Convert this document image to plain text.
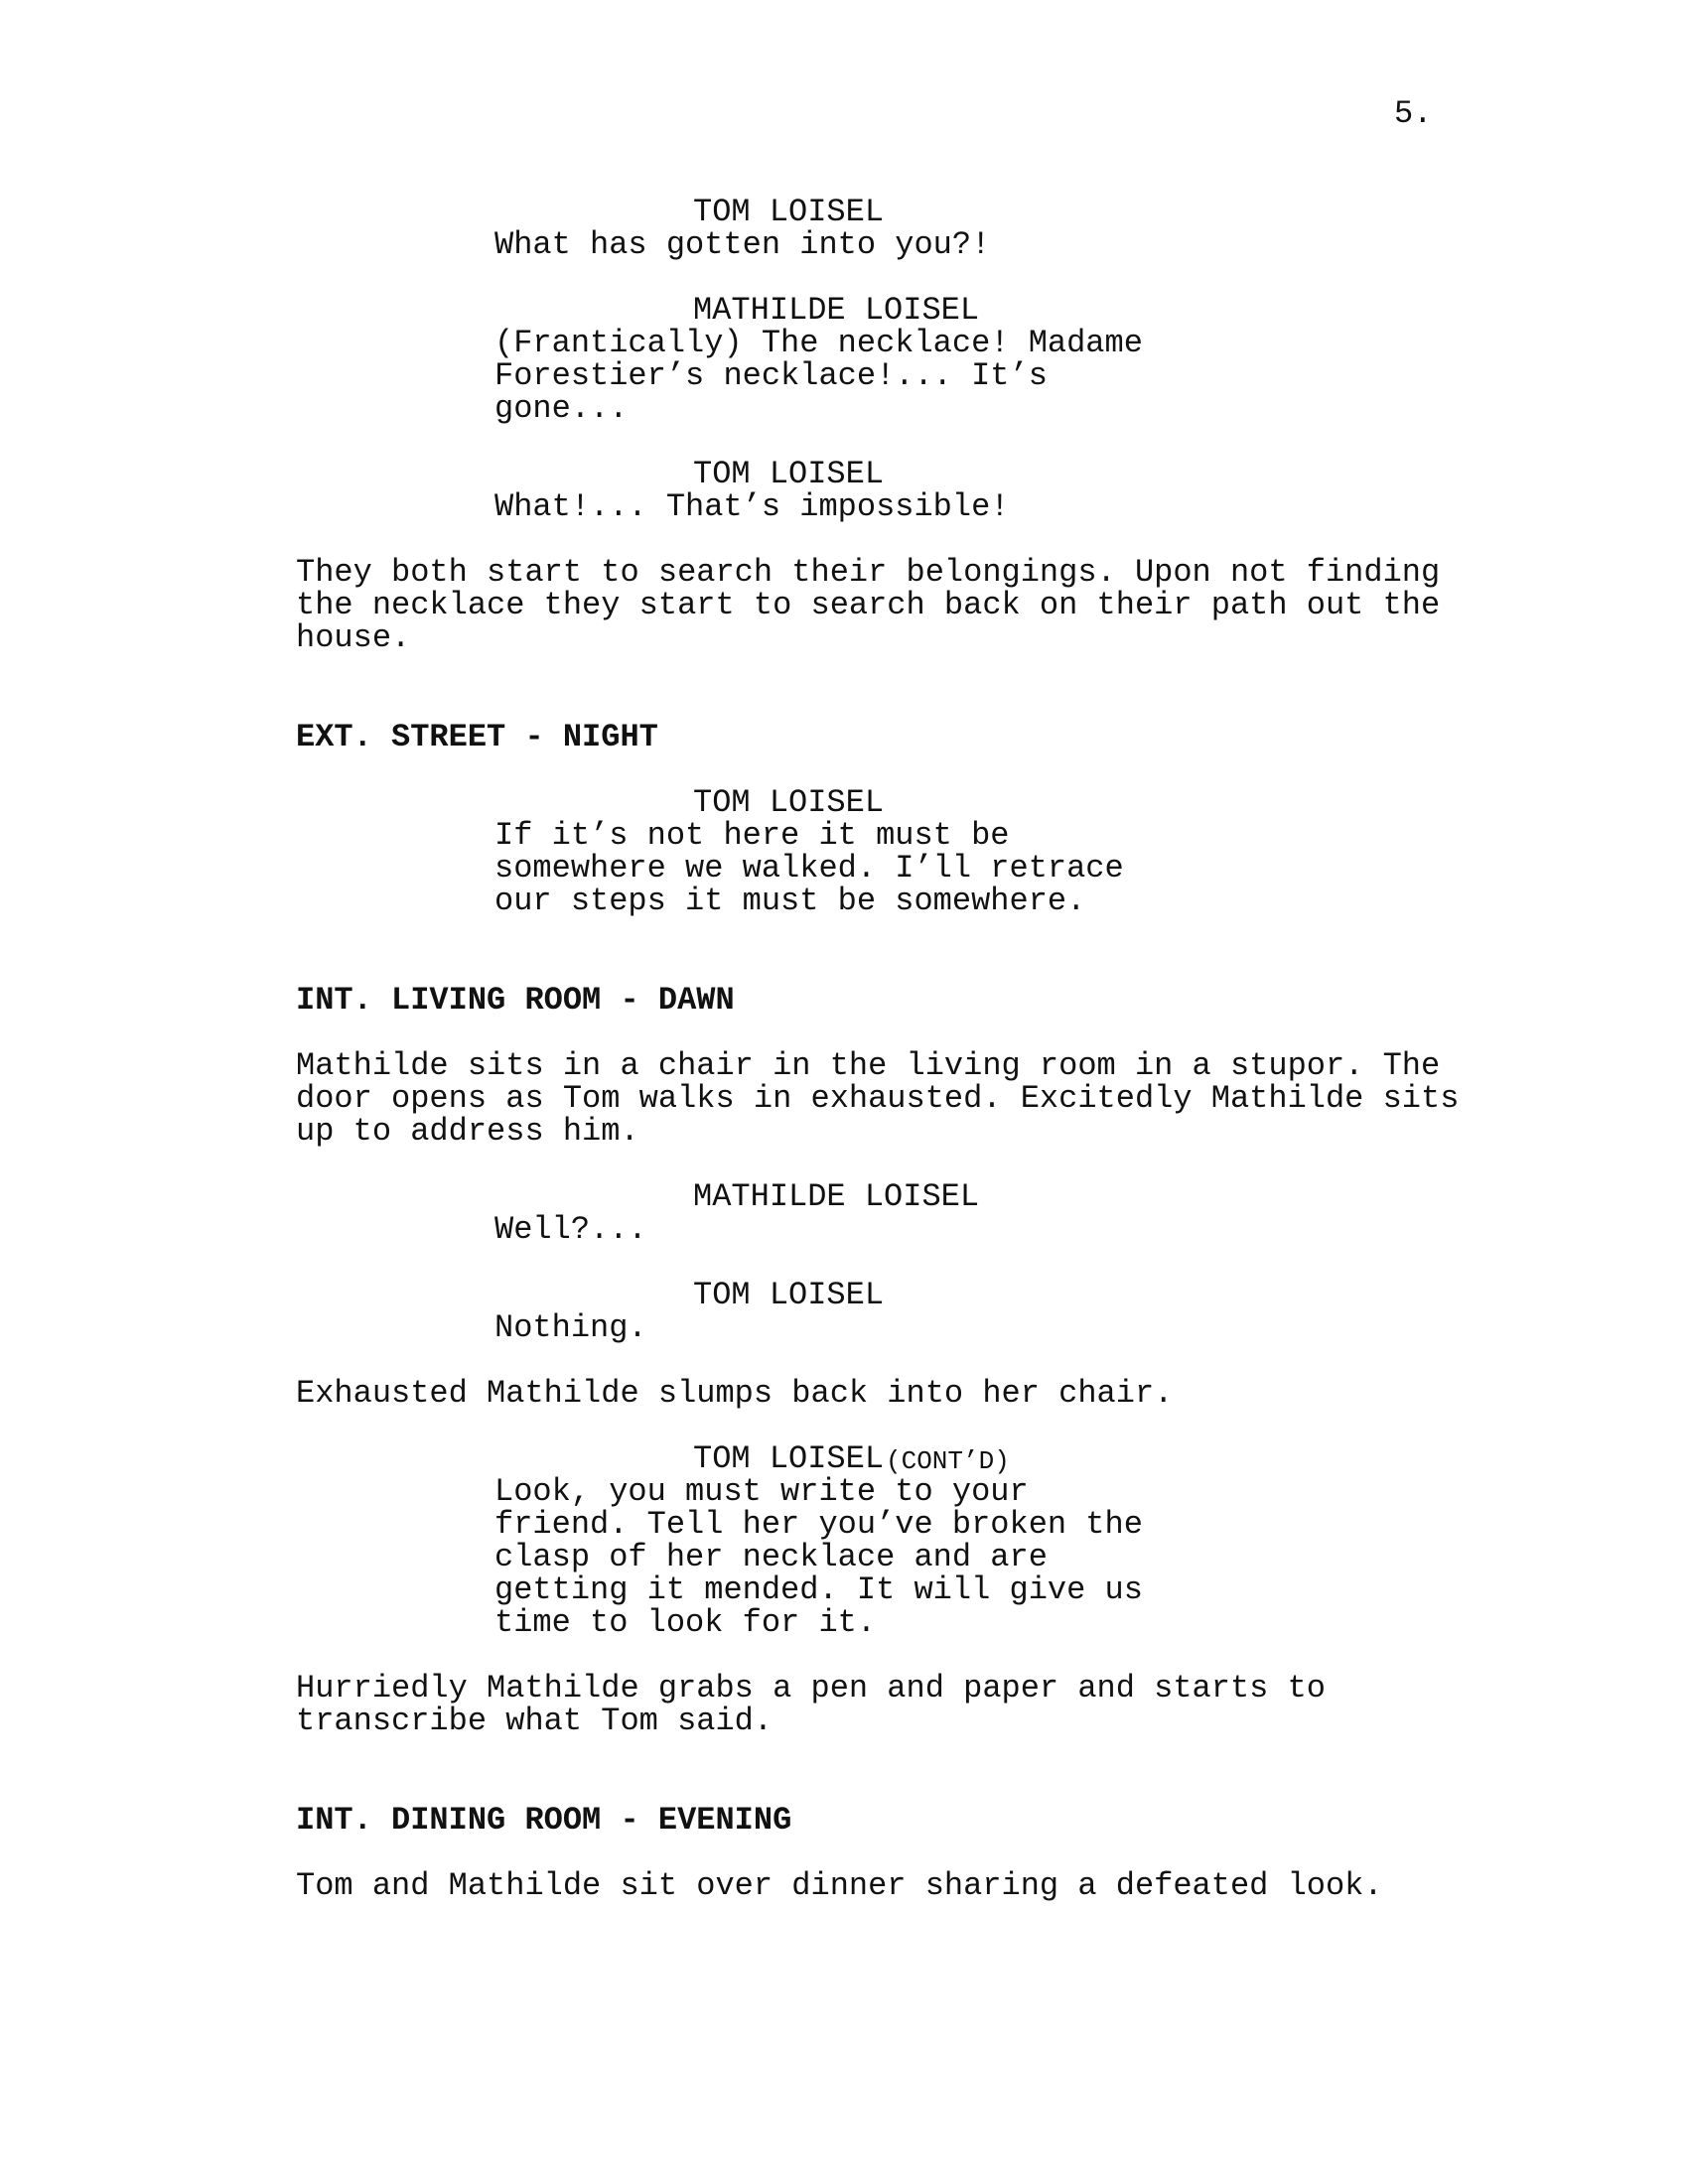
5.
TOM LOISEL
What has gotten into you?!
MATHILDE LOISEL
(Frantically) The necklace! Madame
Forestier’s necklace!... It’s
gone...
TOM LOISEL
What!... That’s impossible!
They both start to search their belongings. Upon not finding
the necklace they start to search back on their path out the
house.
EXT. STREET - NIGHT
TOM LOISEL
If it’s not here it must be
somewhere we walked. I’ll retrace
our steps it must be somewhere.
INT. LIVING ROOM - DAWN
Mathilde sits in a chair in the living room in a stupor. The
door opens as Tom walks in exhausted. Excitedly Mathilde sits
up to address him.
MATHILDE LOISEL
Well?...
TOM LOISEL
Nothing.
Exhausted Mathilde slumps back into her chair.
TOM LOISEL (CONT’D)
Look, you must write to your
friend. Tell her you’ve broken the
clasp of her necklace and are
getting it mended. It will give us
time to look for it.
Hurriedly Mathilde grabs a pen and paper and starts to
transcribe what Tom said.
INT. DINING ROOM - EVENING
Tom and Mathilde sit over dinner sharing a defeated look.
